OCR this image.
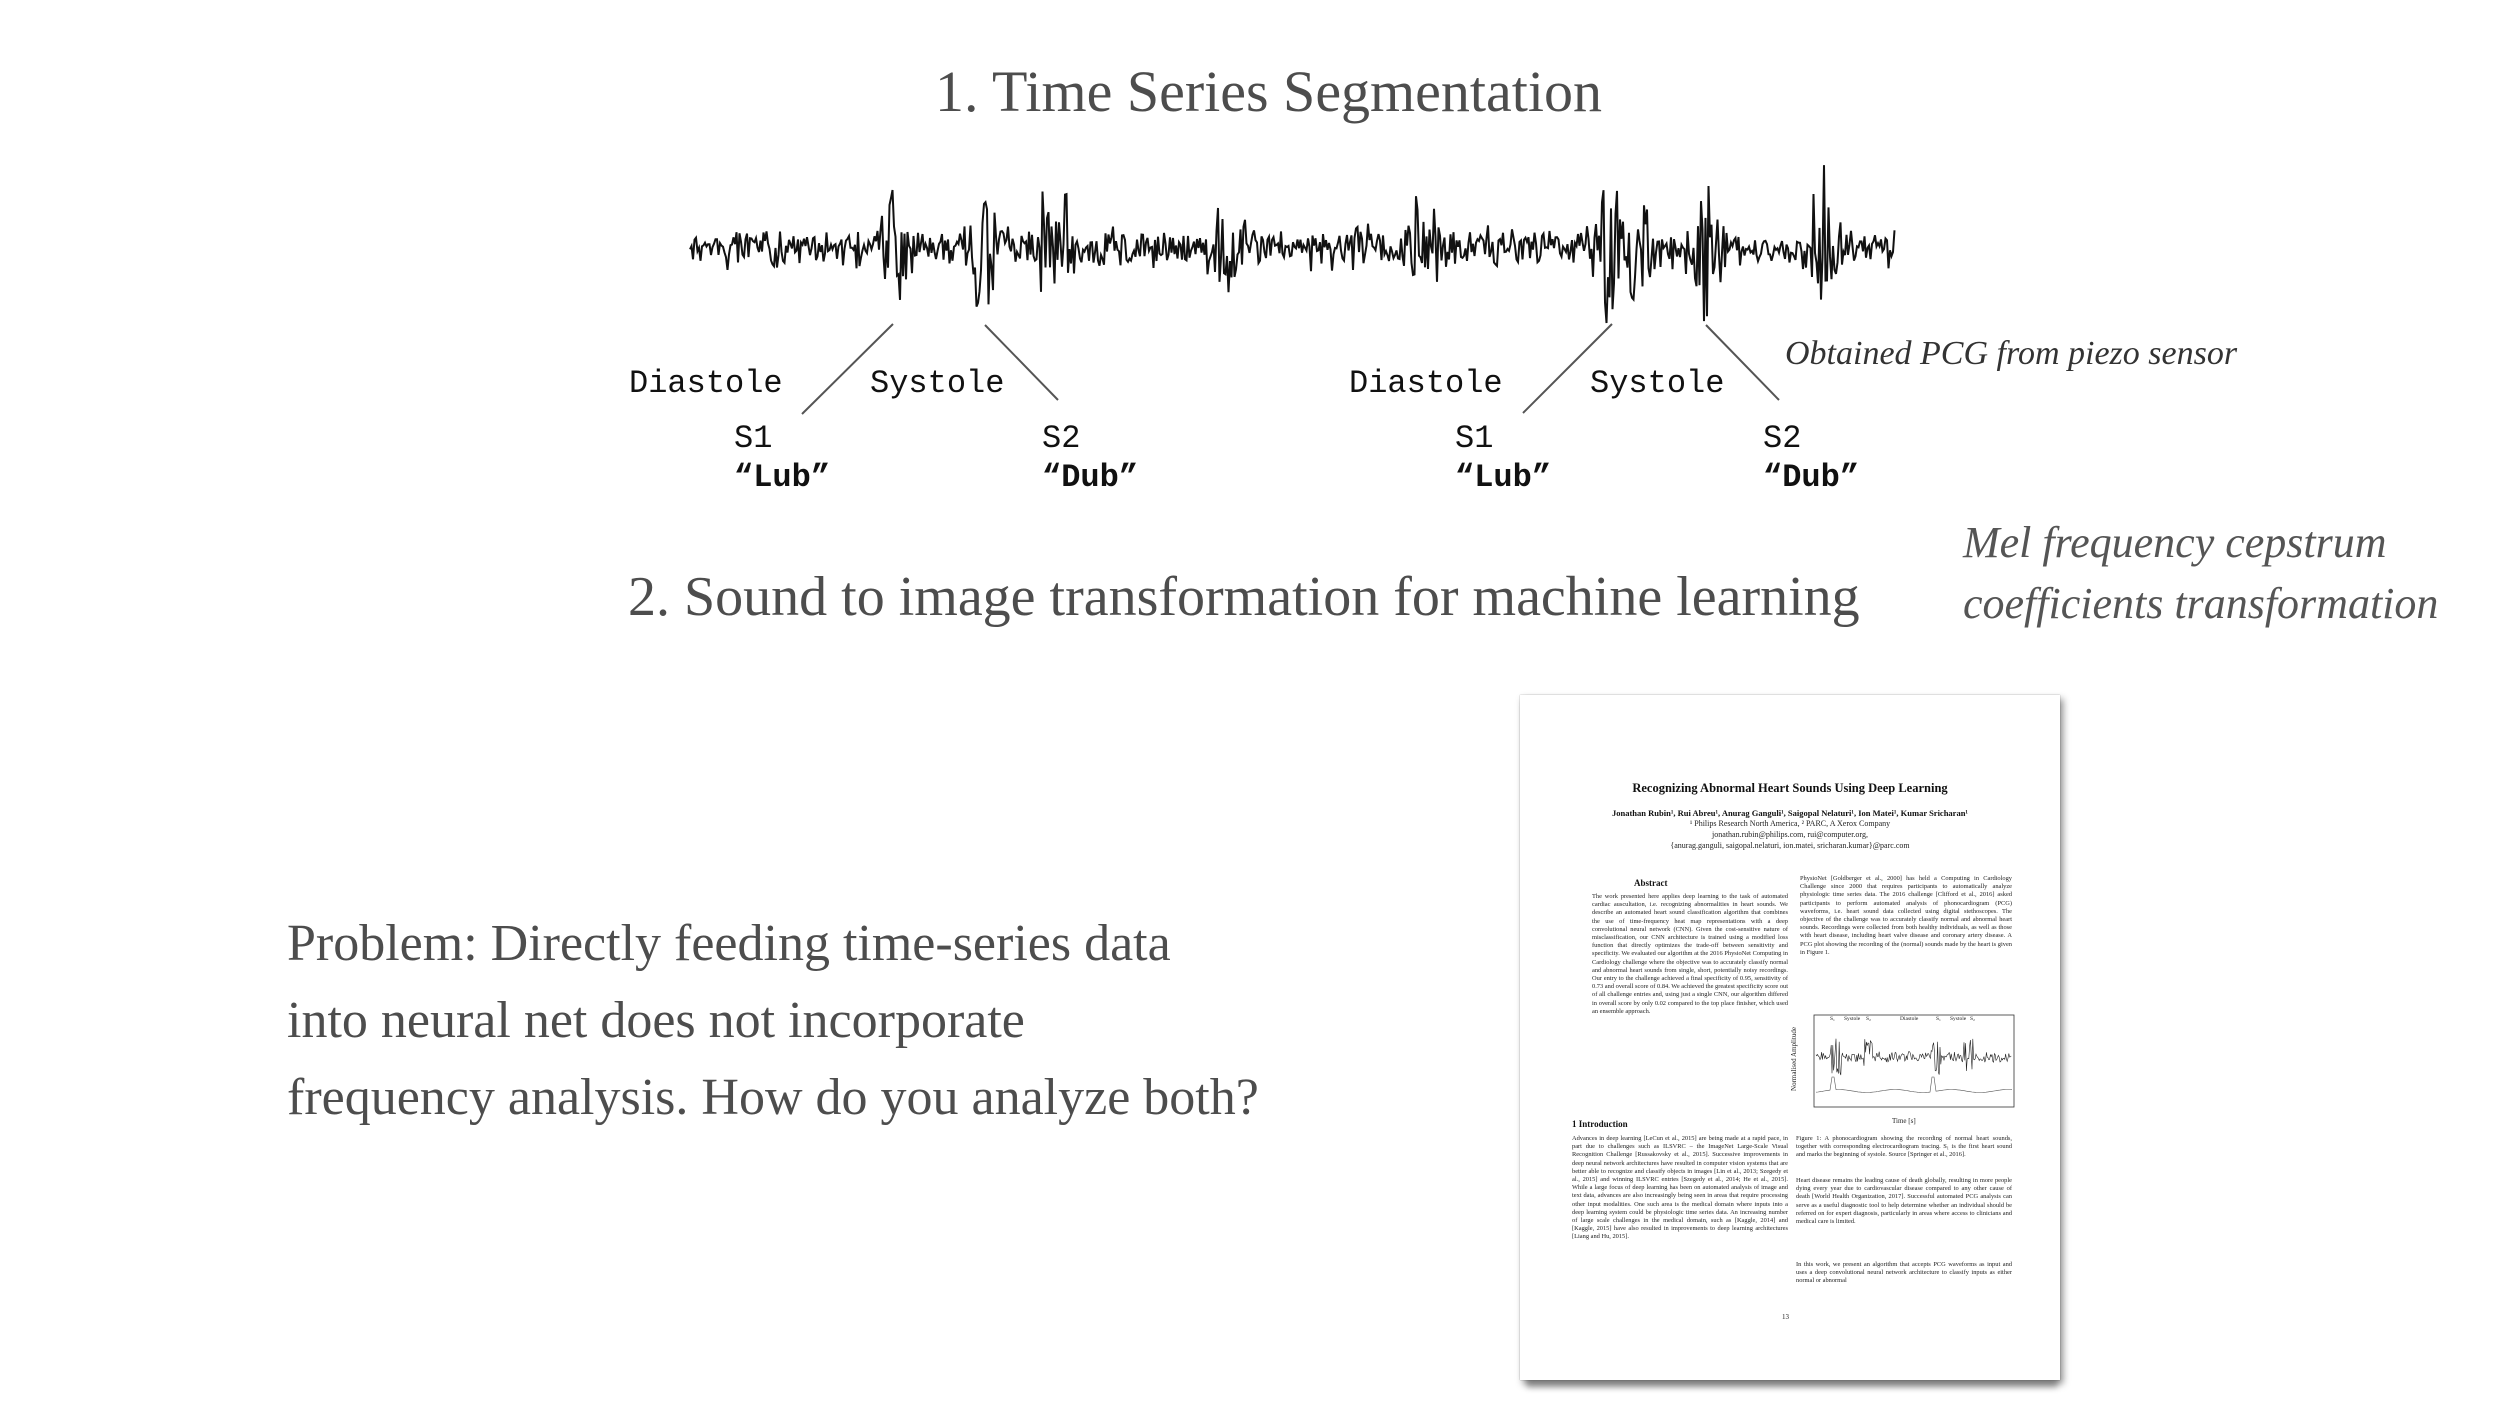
1. Time Series Segmentation
Diastole	Systole
S1
“Lub”
S2
“Dub”
Diastole	Systole
S1
“Lub”
S2
“Dub”
Obtained PCG from piezo sensor
2. Sound to image transformation for machine learning
Mel frequency cepstrum
coefficients transformation
Problem: Directly feeding time-series data
into neural net does not incorporate
frequency analysis. How do you analyze both?
Recognizing Abnormal Heart Sounds Using Deep Learning
Jonathan Rubin¹, Rui Abreu¹, Anurag Ganguli¹, Saigopal Nelaturi¹, Ion Matei¹, Kumar Sricharan¹
¹ Philips Research North America, ² PARC, A Xerox Company
jonathan.rubin@philips.com, rui@computer.org,
{anurag.ganguli, saigopal.nelaturi, ion.matei, sricharan.kumar}@parc.com
Abstract
The work presented here applies deep learning to the task of automated cardiac auscultation, i.e. recognizing abnormalities in heart sounds. We describe an automated heart sound classification algorithm that combines the use of time-frequency heat map representations with a deep convolutional neural network (CNN). Given the cost-sensitive nature of misclassification, our CNN architecture is trained using a modified loss function that directly optimizes the trade-off between sensitivity and specificity. We evaluated our algorithm at the 2016 PhysioNet Computing in Cardiology challenge where the objective was to accurately classify normal and abnormal heart sounds from single, short, potentially noisy recordings. Our entry to the challenge achieved a final specificity of 0.95, sensitivity of 0.73 and overall score of 0.84. We achieved the greatest specificity score out of all challenge entries and, using just a single CNN, our algorithm differed in overall score by only 0.02 compared to the top place finisher, which used an ensemble approach.
1 Introduction
Advances in deep learning [LeCun et al., 2015] are being made at a rapid pace, in part due to challenges such as ILSVRC – the ImageNet Large-Scale Visual Recognition Challenge [Russakovsky et al., 2015]. Successive improvements in deep neural network architectures have resulted in computer vision systems that are better able to recognize and classify objects in images [Lin et al., 2013; Szegedy et al., 2015] and winning ILSVRC entries [Szegedy et al., 2014; He et al., 2015]. While a large focus of deep learning has been on automated analysis of image and text data, advances are also increasingly being seen in areas that require processing other input modalities. One such area is the medical domain where inputs into a deep learning system could be physiologic time series data. An increasing number of large scale challenges in the medical domain, such as [Kaggle, 2014] and [Kaggle, 2015] have also resulted in improvements to deep learning architectures [Liang and Hu, 2015].
PhysioNet [Goldberger et al., 2000] has held a Computing in Cardiology Challenge since 2000 that requires participants to automatically analyze physiologic time series data. The 2016 challenge [Clifford et al., 2016] asked participants to perform automated analysis of phonocardiogram (PCG) waveforms, i.e. heart sound data collected using digital stethoscopes. The objective of the challenge was to accurately classify normal and abnormal heart sounds. Recordings were collected from both healthy individuals, as well as those with heart disease, including heart valve disease and coronary artery disease. A PCG plot showing the recording of the (normal) sounds made by the heart is given in Figure 1.
Normalised Amplitude
Time [s]
S₁ Systole S₂	Diastole	S₁ Systole S₂
Figure 1: A phonocardiogram showing the recording of normal heart sounds, together with corresponding electrocardiogram tracing. S₁ is the first heart sound and marks the beginning of systole. Source [Springer et al., 2016].
Heart disease remains the leading cause of death globally, resulting in more people dying every year due to cardiovascular disease compared to any other cause of death [World Health Organization, 2017]. Successful automated PCG analysis can serve as a useful diagnostic tool to help determine whether an individual should be referred on for expert diagnosis, particularly in areas where access to clinicians and medical care is limited.
In this work, we present an algorithm that accepts PCG waveforms as input and uses a deep convolutional neural network architecture to classify inputs as either normal or abnormal
13
